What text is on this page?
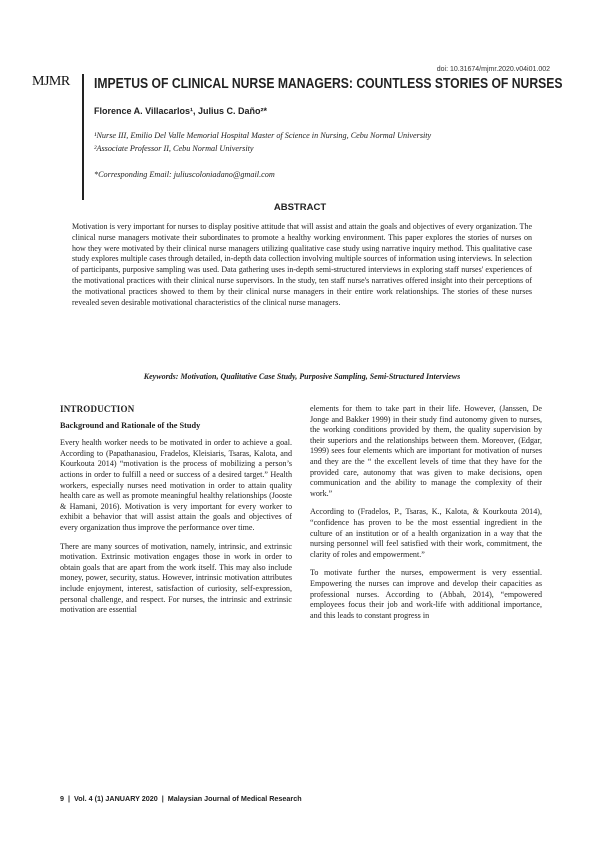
doi: 10.31674/mjmr.2020.v04i01.002
MJMR IMPETUS OF CLINICAL NURSE MANAGERS: COUNTLESS STORIES OF NURSES
Florence A. Villacarlos¹, Julius C. Daño²*
¹Nurse III, Emilio Del Valle Memorial Hospital Master of Science in Nursing, Cebu Normal University
²Associate Professor II, Cebu Normal University
*Corresponding Email: juliuscoloniadano@gmail.com
ABSTRACT
Motivation is very important for nurses to display positive attitude that will assist and attain the goals and objectives of every organization. The clinical nurse managers motivate their subordinates to promote a healthy working environment. This paper explores the stories of nurses on how they were motivated by their clinical nurse managers utilizing qualitative case study using narrative inquiry method. This qualitative case study explores multiple cases through detailed, in-depth data collection involving multiple sources of information using interviews. In selection of participants, purposive sampling was used. Data gathering uses in-depth semi-structured interviews in exploring staff nurses' experiences of the motivational practices with their clinical nurse supervisors. In the study, ten staff nurse's narratives offered insight into their perceptions of the motivational practices showed to them by their clinical nurse managers in their entire work relationships. The stories of these nurses revealed seven desirable motivational characteristics of the clinical nurse managers.
Keywords: Motivation, Qualitative Case Study, Purposive Sampling, Semi-Structured Interviews
INTRODUCTION
Background and Rationale of the Study

Every health worker needs to be motivated in order to achieve a goal. According to (Papathanasiou, Fradelos, Kleisiaris, Tsaras, Kalota, and Kourkouta 2014) “motivation is the process of mobilizing a person’s actions in order to fulfill a need or success of a desired target.” Health workers, especially nurses need motivation in order to attain quality health care as well as promote meaningful healthy relationships (Jooste & Hamani, 2016). Motivation is very important for every worker to exhibit a behavior that will assist attain the goals and objectives of every organization thus improve the performance over time.

There are many sources of motivation, namely, intrinsic, and extrinsic motivation. Extrinsic motivation engages those in work in order to obtain goals that are apart from the work itself. This may also include money, power, security, status. However, intrinsic motivation attributes include enjoyment, interest, satisfaction of curiosity, self-expression, personal challenge, and respect. For nurses, the intrinsic and extrinsic motivation are essential

elements for them to take part in their life. However, (Janssen, De Jonge and Bakker 1999) in their study find autonomy given to nurses, the working conditions provided by them, the quality supervision by their superiors and the relationships between them. Moreover, (Edgar, 1999) sees four elements which are important for motivation of nurses and they are the “ the excellent levels of time that they have for the provided care, autonomy that was given to make decisions, open communication and the ability to manage the complexity of their work.”

According to (Fradelos, P., Tsaras, K., Kalota, & Kourkouta 2014), “confidence has proven to be the most essential ingredient in the culture of an institution or of a health organization in a way that the nursing personnel will feel satisfied with their work, commitment, the clarity of roles and empowerment.”

To motivate further the nurses, empowerment is very essential. Empowering the nurses can improve and develop their capacities as professional nurses. According to (Abbah, 2014), “empowered employees focus their job and work-life with additional importance, and this leads to constant progress in

9 | Vol. 4 (1) JANUARY 2020 | Malaysian Journal of Medical Research
